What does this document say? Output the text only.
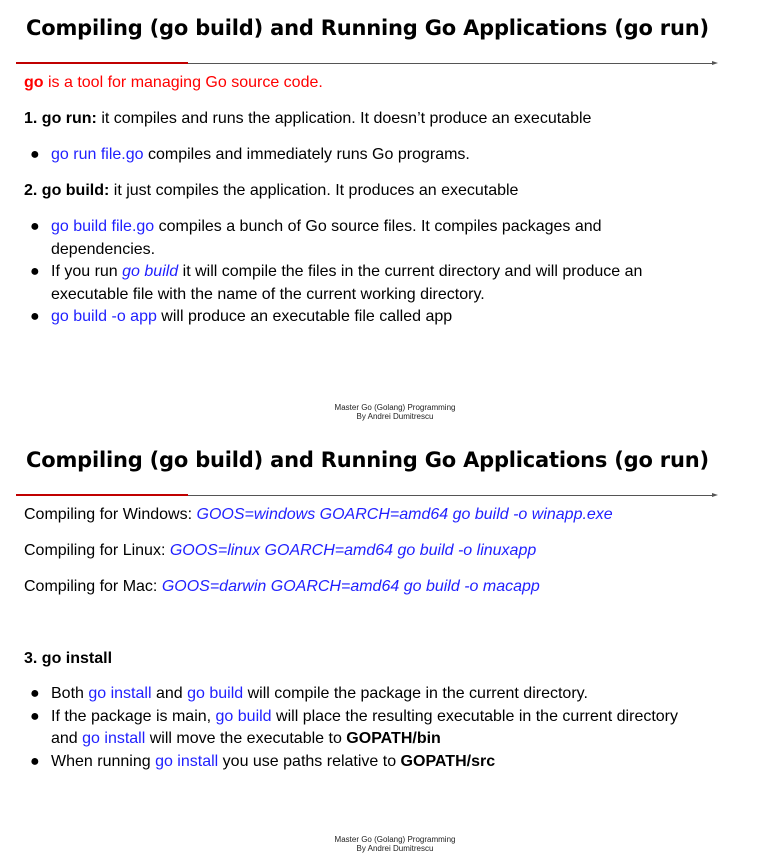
Compiling (go build) and Running Go Applications (go run)
go is a tool for managing Go source code.
1. go run: it compiles and runs the application. It doesn’t produce an executable
● go run file.go compiles and immediately runs Go programs.
2. go build: it just compiles the application. It produces an executable
● go build file.go compiles a bunch of Go source files. It compiles packages and dependencies.
● If you run go build it will compile the files in the current directory and will produce an executable file with the name of the current working directory.
● go build -o app will produce an executable file called app
Master Go (Golang) Programming
By Andrei Dumitrescu
Compiling (go build) and Running Go Applications (go run)
Compiling for Windows: GOOS=windows GOARCH=amd64 go build -o winapp.exe
Compiling for Linux: GOOS=linux GOARCH=amd64 go build -o linuxapp
Compiling for Mac: GOOS=darwin GOARCH=amd64 go build -o macapp
3. go install
● Both go install and go build will compile the package in the current directory.
● If the package is main, go build will place the resulting executable in the current directory and go install will move the executable to GOPATH/bin
● When running go install you use paths relative to GOPATH/src
Master Go (Golang) Programming
By Andrei Dumitrescu
